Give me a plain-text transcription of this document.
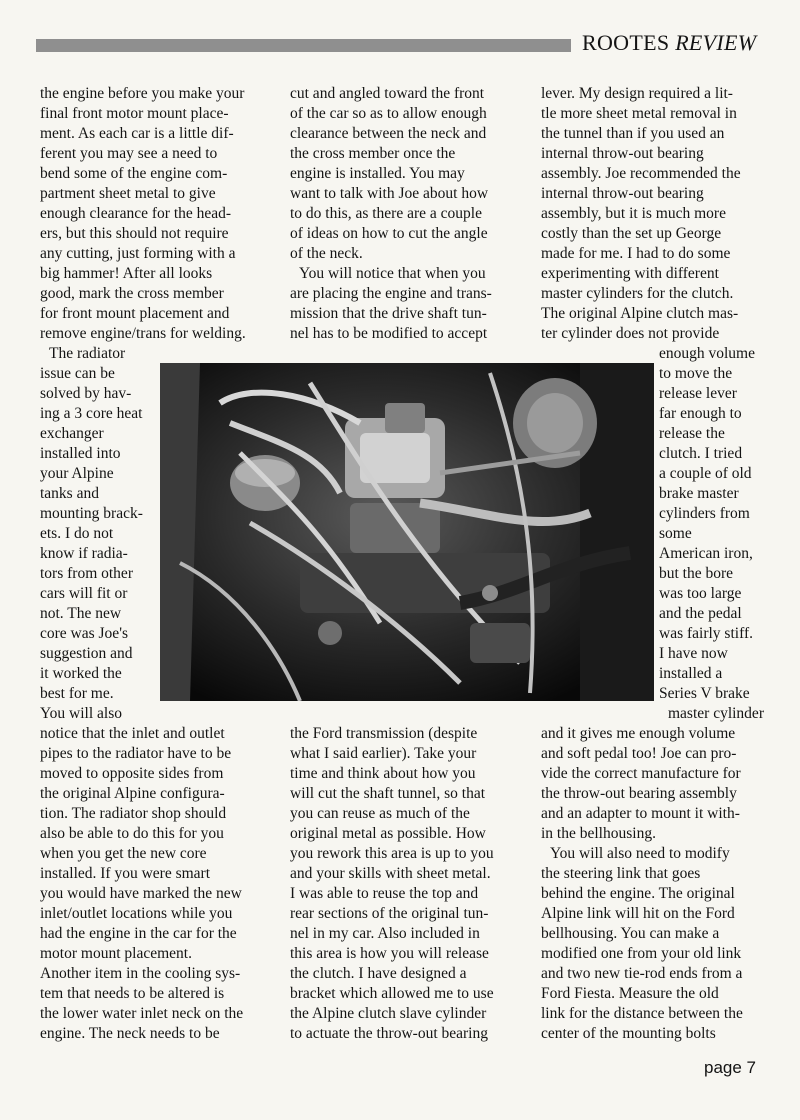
ROOTES REVIEW
the engine before you make your
final front motor mount place-
ment. As each car is a little dif-
ferent you may see a need to
bend some of the engine com-
partment sheet metal to give
enough clearance for the head-
ers, but this should not require
any cutting, just forming with a
big hammer! After all looks
good, mark the cross member
for front mount placement and
remove engine/trans for welding.
The radiator
issue can be
solved by hav-
ing a 3 core heat
exchanger
installed into
your Alpine
tanks and
mounting brack-
ets. I do not
know if radia-
tors from other
cars will fit or
not. The new
core was Joe's
suggestion and
it worked the
best for me.
You will also
notice that the inlet and outlet
pipes to the radiator have to be
moved to opposite sides from
the original Alpine configura-
tion. The radiator shop should
also be able to do this for you
when you get the new core
installed. If you were smart
you would have marked the new
inlet/outlet locations while you
had the engine in the car for the
motor mount placement.
Another item in the cooling sys-
tem that needs to be altered is
the lower water inlet neck on the
engine. The neck needs to be
cut and angled toward the front
of the car so as to allow enough
clearance between the neck and
the cross member once the
engine is installed. You may
want to talk with Joe about how
to do this, as there are a couple
of ideas on how to cut the angle
of the neck.
You will notice that when you
are placing the engine and trans-
mission that the drive shaft tun-
nel has to be modified to accept
the Ford transmission (despite
what I said earlier). Take your
time and think about how you
will cut the shaft tunnel, so that
you can reuse as much of the
original metal as possible. How
you rework this area is up to you
and your skills with sheet metal.
I was able to reuse the top and
rear sections of the original tun-
nel in my car. Also included in
this area is how you will release
the clutch. I have designed a
bracket which allowed me to use
the Alpine clutch slave cylinder
to actuate the throw-out bearing
lever. My design required a lit-
tle more sheet metal removal in
the tunnel than if you used an
internal throw-out bearing
assembly. Joe recommended the
internal throw-out bearing
assembly, but it is much more
costly than the set up George
made for me. I had to do some
experimenting with different
master cylinders for the clutch.
The original Alpine clutch mas-
ter cylinder does not provide
enough volume
to move the
release lever
far enough to
release the
clutch. I tried
a couple of old
brake master
cylinders from
some
American iron,
but the bore
was too large
and the pedal
was fairly stiff.
I have now
installed a
Series V brake
master cylinder
and it gives me enough volume
and soft pedal too! Joe can pro-
vide the correct manufacture for
the throw-out bearing assembly
and an adapter to mount it with-
in the bellhousing.
You will also need to modify
the steering link that goes
behind the engine. The original
Alpine link will hit on the Ford
bellhousing. You can make a
modified one from your old link
and two new tie-rod ends from a
Ford Fiesta. Measure the old
link for the distance between the
center of the mounting bolts
page 7
